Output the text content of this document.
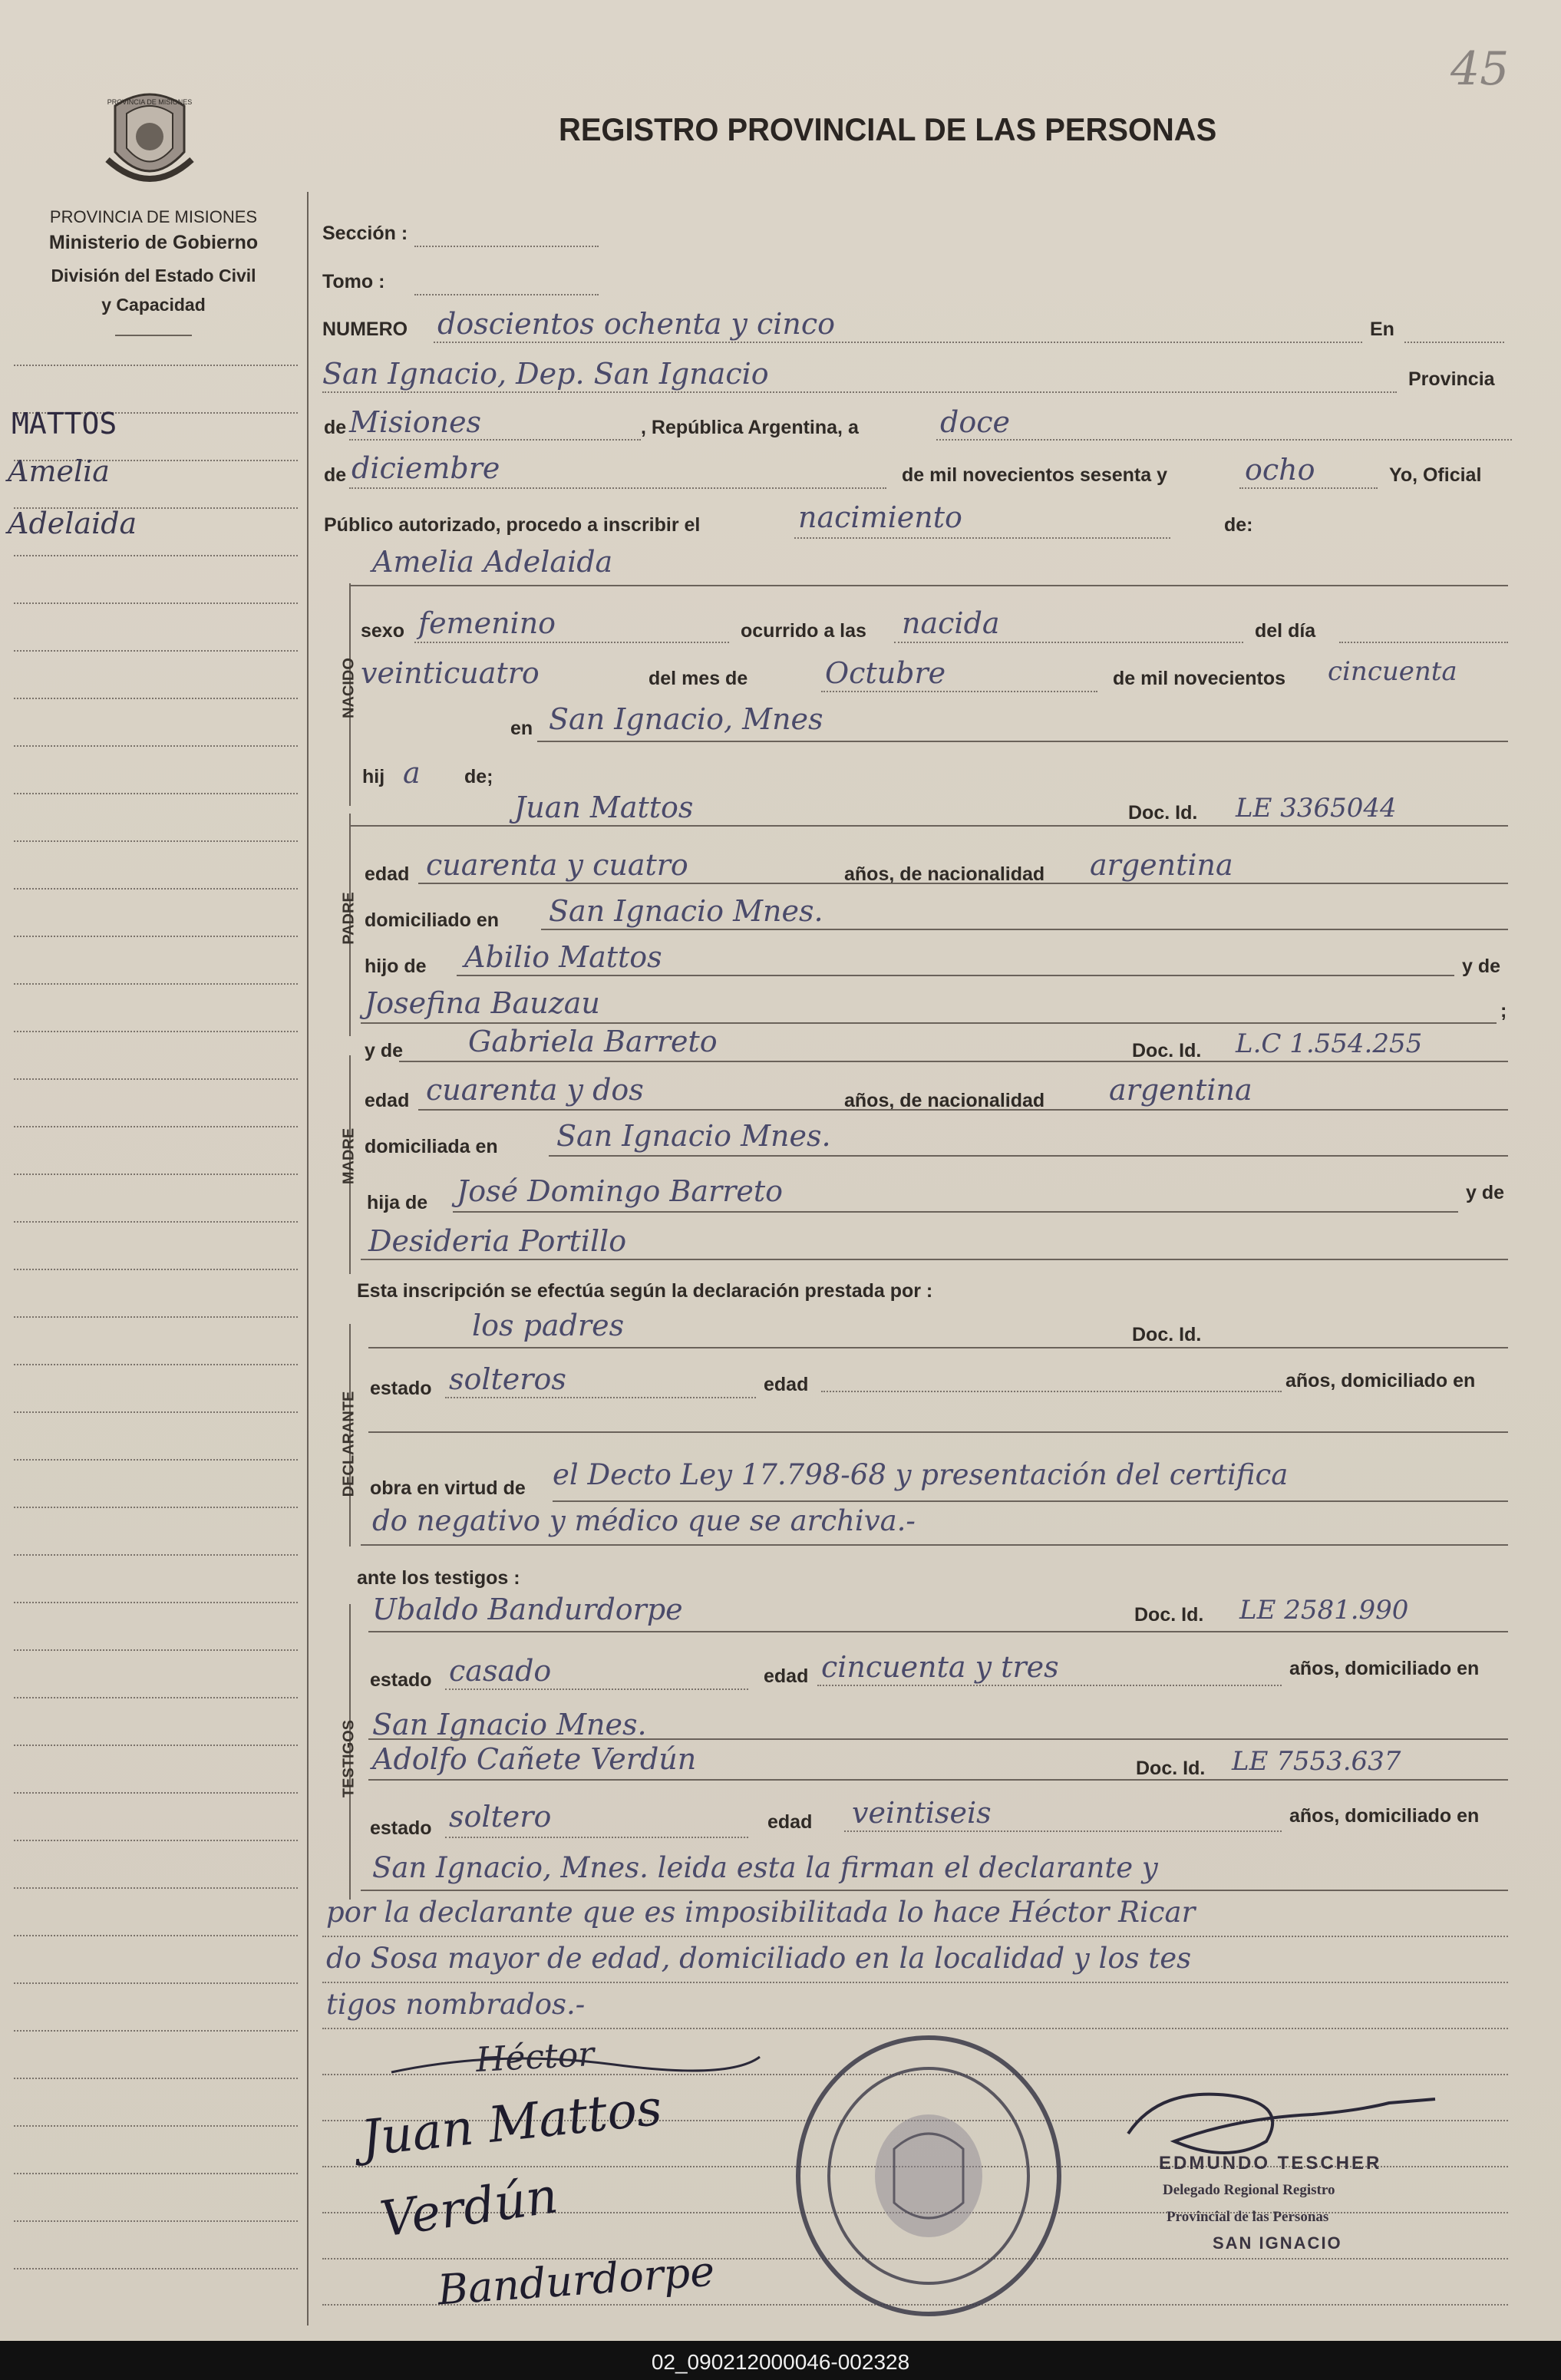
45
PROVINCIA DE MISIONES
REGISTRO PROVINCIAL DE LAS PERSONAS
PROVINCIA DE MISIONES
Ministerio de Gobierno
División del Estado Civil
y Capacidad
MATTOS
Amelia
Adelaida
Sección :
Tomo :
NUMERO doscientos ochenta y cinco	En
San Ignacio, Dep. San Ignacio	Provincia
de Misiones	, República Argentina, a	doce
de diciembre	de mil novecientos sesenta y	ocho	Yo, Oficial
Público autorizado, procedo a inscribir el	nacimiento	de:
NACIDO
Amelia Adelaida
sexo femenino	ocurrido a las nacida	del día
veinticuatro	del mes de	Octubre	de mil novecientos cincuenta
en San Ignacio, Mnes
hij a de;
PADRE
Juan Mattos	Doc. Id. LE 3365044
edad cuarenta y cuatro	años, de nacionalidad argentina
domiciliado en San Ignacio Mnes.
hijo de Abilio Mattos	y de
Josefina Bauzau	;
y de
MADRE
Gabriela Barreto	Doc. Id. L.C 1.554.255
edad cuarenta y dos	años, de nacionalidad argentina
domiciliada en San Ignacio Mnes.
hija de José Domingo Barreto	y de
Desideria Portillo
Esta inscripción se efectúa según la declaración prestada por :
DECLARANTE
los padres	Doc. Id.
estado solteros	edad	años, domiciliado en
obra en virtud de el Decto Ley 17.798-68 y presentación del certifica
do negativo y médico que se archiva.-
ante los testigos :
TESTIGOS
Ubaldo Bandurdorpe	Doc. Id. LE 2581.990
estado casado	edad cincuenta y tres	años, domiciliado en
San Ignacio Mnes.
Adolfo Cañete Verdún	Doc. Id. LE 7553.637
estado soltero	edad veintiseis	años, domiciliado en
San Ignacio, Mnes. leida esta la firman el declarante y
por la declarante que es imposibilitada lo hace Héctor Ricar
do Sosa mayor de edad, domiciliado en la localidad y los tes
tigos nombrados.-
Héctor
Juan Mattos
Verdún
Bandurdorpe
EDMUNDO TESCHER
Delegado Regional Registro
Provincial de las Personas
SAN IGNACIO
02_090212000046-002328
